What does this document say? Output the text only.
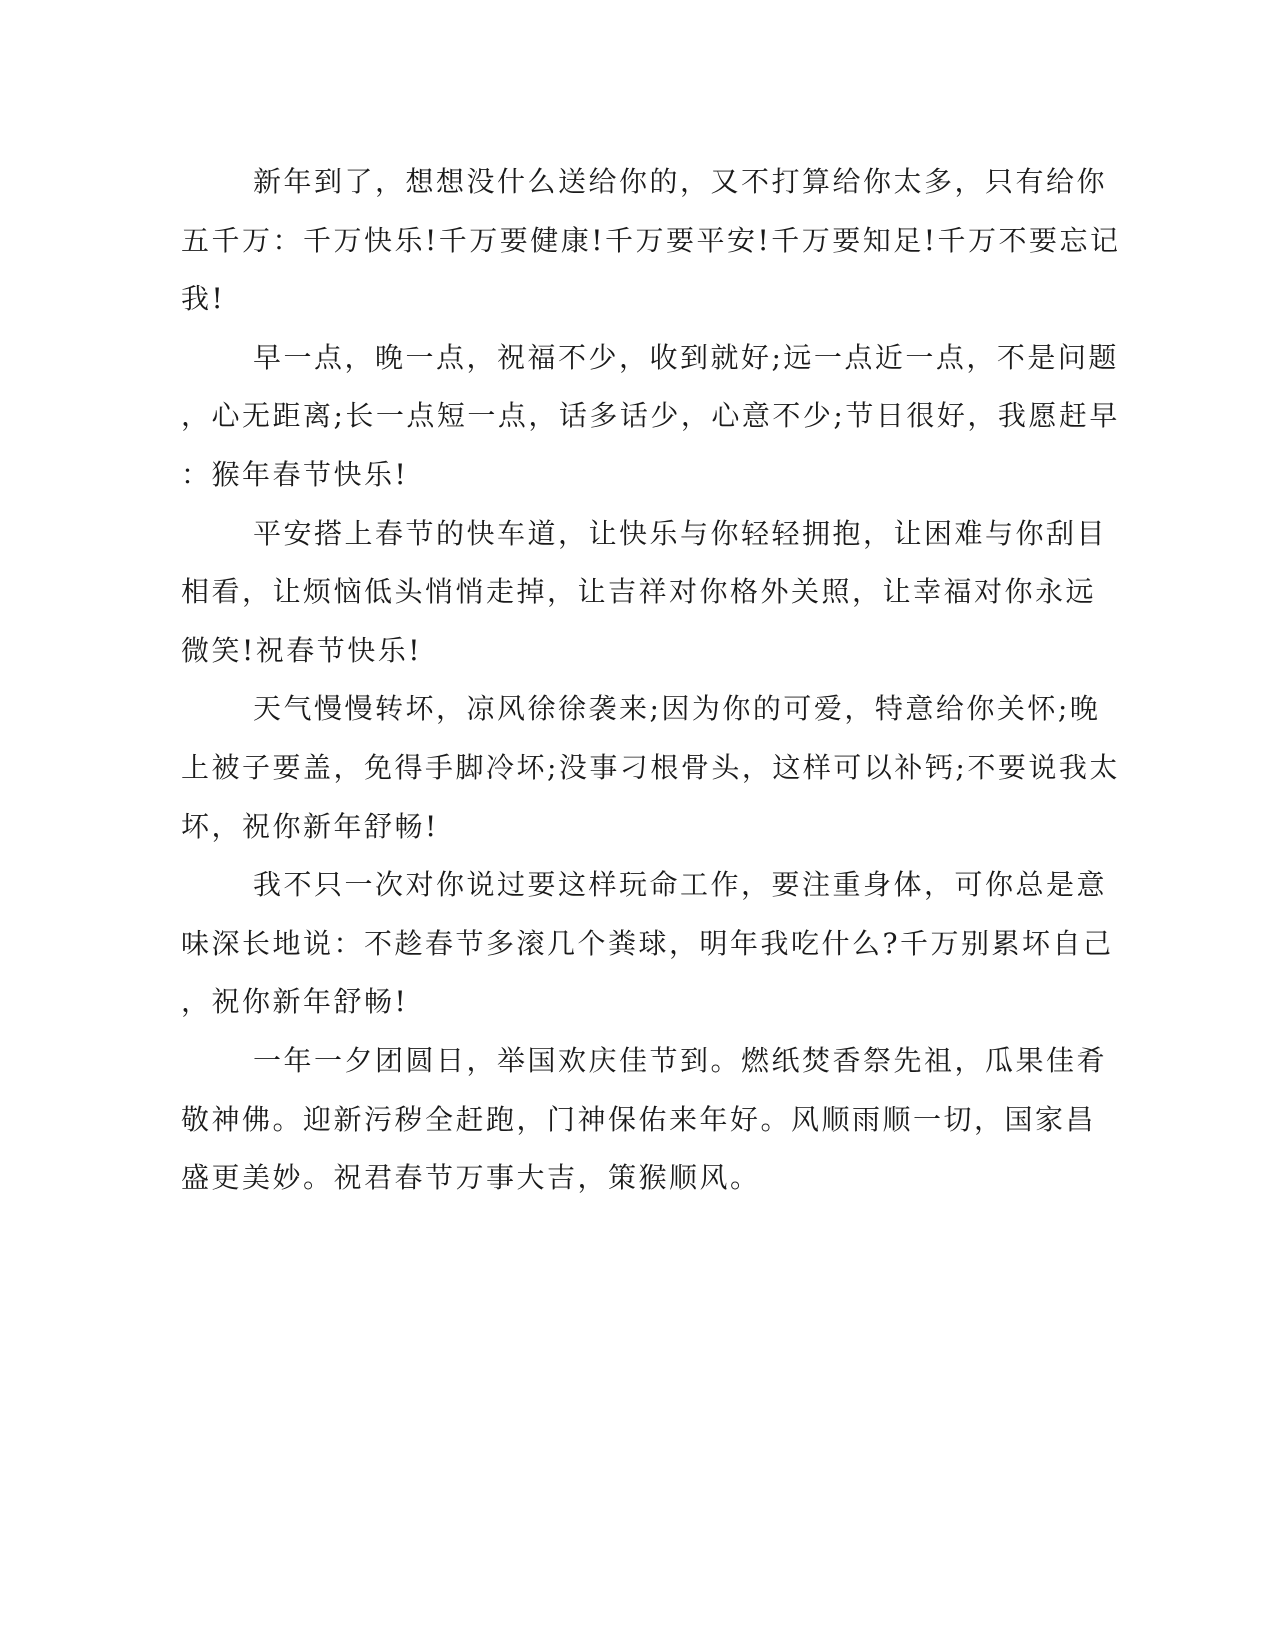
新年到了，想想没什么送给你的，又不打算给你太多，只有给你
五千万：千万快乐!千万要健康!千万要平安!千万要知足!千万不要忘记
我!
早一点，晚一点，祝福不少，收到就好;远一点近一点，不是问题
，心无距离;长一点短一点，话多话少，心意不少;节日很好，我愿赶早
：猴年春节快乐!
平安搭上春节的快车道，让快乐与你轻轻拥抱，让困难与你刮目
相看，让烦恼低头悄悄走掉，让吉祥对你格外关照，让幸福对你永远
微笑!祝春节快乐!
天气慢慢转坏，凉风徐徐袭来;因为你的可爱，特意给你关怀;晚
上被子要盖，免得手脚冷坏;没事刁根骨头，这样可以补钙;不要说我太
坏，祝你新年舒畅!
我不只一次对你说过要这样玩命工作，要注重身体，可你总是意
味深长地说：不趁春节多滚几个粪球，明年我吃什么?千万别累坏自己
，祝你新年舒畅!
一年一夕团圆日，举国欢庆佳节到。燃纸焚香祭先祖，瓜果佳肴
敬神佛。迎新污秽全赶跑，门神保佑来年好。风顺雨顺一切，国家昌
盛更美妙。祝君春节万事大吉，策猴顺风。
